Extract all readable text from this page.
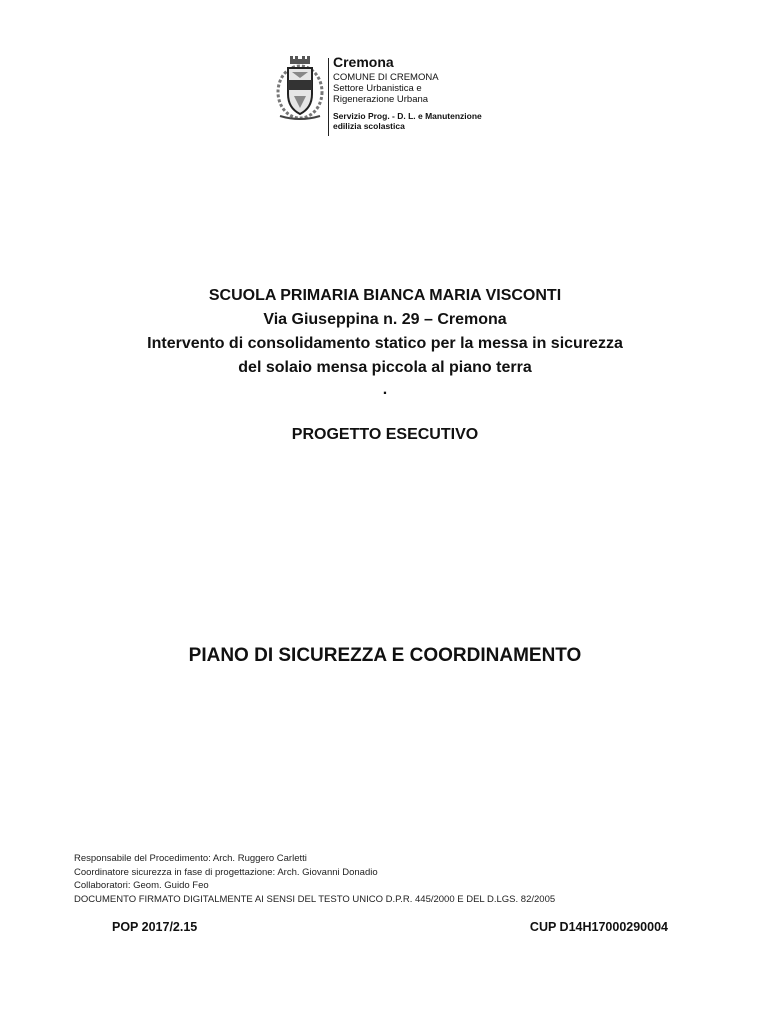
Cremona
COMUNE DI CREMONA
Settore Urbanistica e
Rigenerazione Urbana
Servizio Prog. - D. L. e Manutenzione
edilizia scolastica
SCUOLA PRIMARIA BIANCA MARIA VISCONTI
Via Giuseppina n. 29 – Cremona
Intervento di consolidamento statico per la messa in sicurezza
del solaio mensa piccola al piano terra
.
PROGETTO ESECUTIVO
PIANO DI SICUREZZA E COORDINAMENTO
Responsabile del Procedimento: Arch. Ruggero Carletti
Coordinatore sicurezza in fase di progettazione: Arch. Giovanni Donadio
Collaboratori: Geom. Guido Feo
DOCUMENTO FIRMATO DIGITALMENTE AI SENSI DEL TESTO UNICO D.P.R. 445/2000 E DEL D.LGS. 82/2005
POP 2017/2.15	CUP D14H17000290004
